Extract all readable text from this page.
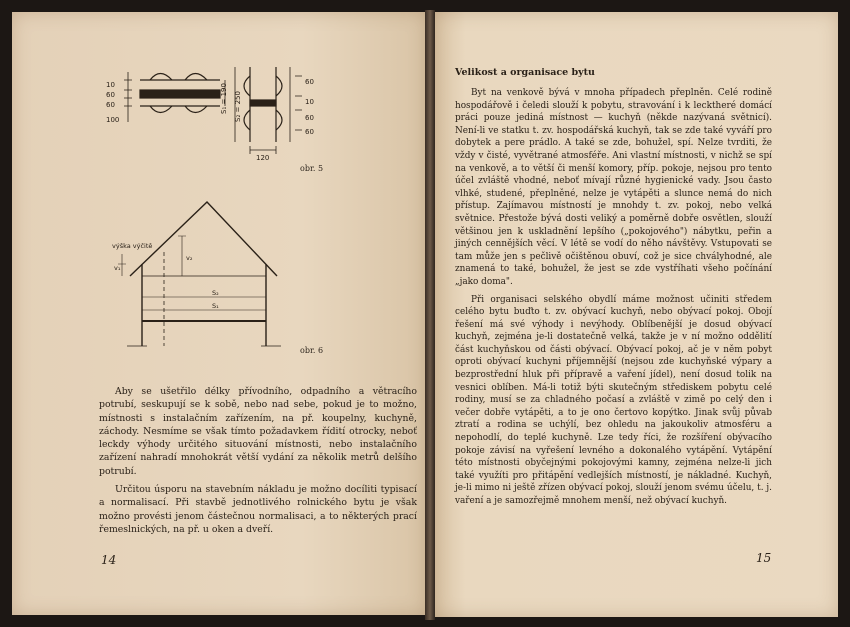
10
60
60
100
120
S₁ = 190 S₂ = 250
60
60
60
10
obr. 5
výška výčitě
v₂
v₁
S₂
S₁
obr. 6

Aby se ušetřilo délky přívodního, odpadního a větracího potrubí, seskupují se k sobě, nebo nad sebe, pokud je to možno, místnosti s instalačním zařízením, na př. koupelny, kuchyně, záchody. Nesmíme se však tímto požadavkem řídití otrocky, neboť leckdy výhody určitého situování místnosti, nebo instalačního zařízení nahradí mnohokrát větší vydání za několik metrů delšího potrubí.

Určitou úsporu na stavebním nákladu je možno docíliti typisací a normalisací. Při stavbě jednotlivého rolnického bytu je však možno provésti jenom částečnou normalisaci, a to některých prací řemeslnických, na př. u oken a dveří.

14
Velikost a organisace bytu

Byt na venkově bývá v mnoha případech přeplněn. Celé rodině hospodářově i čeledi slouží k pobytu, stravování i k lecktheré domácí práci pouze jediná místnost — kuchyň (někde nazývaná světnicí). Není-li ve statku t. zv. hospodářská kuchyň, tak se zde také vyváří pro dobytek a pere prádlo. A také se zde, bohužel, spí. Nelze tvrditi, že vždy v čisté, vyvětrané atmosféře. Ani vlastní místnosti, v nichž se spí na venkově, a to větší či menší komory, příp. pokoje, nejsou pro tento účel zvláště vhodné, neboť mívají různé hygienické vady. Jsou často vlhké, studené, přeplněné, nelze je vytápěti a slunce nemá do nich přístup. Zajímavou místností je mnohdy t. zv. pokoj, nebo velká světnice. Přestože bývá dosti veliký a poměrně dobře osvětlen, slouží většinou jen k uskladnění lepšího („pokojového") nábytku, peřin a jiných cennějších věcí. V létě se vodí do něho návštěvy. Vstupovati se tam může jen s pečlivě očištěnou obuví, což je sice chvályhodné, ale znamená to také, bohužel, že jest se zde vystříhati všeho počínání „jako doma".

Při organisaci selského obydlí máme možnost učiniti středem celého bytu buďto t. zv. obývací kuchyň, nebo obývací pokoj. Obojí řešení má své výhody i nevýhody. Oblíbenější je dosud obývací kuchyň, zejména je-li dostatečně velká, takže je v ní možno oddělití část kuchyňskou od části obývací. Obývací pokoj, ač je v něm pobyt oproti obývací kuchyni příjemnější (nejsou zde kuchyňské výpary a bezprostřední hluk při přípravě a vaření jídel), není dosud tolik na vesnici oblíben. Má-li totiž býti skutečným střediskem pobytu celé rodiny, musí se za chladného počasí a zvláště v zimě po celý den i večer dobře vytápěti, a to je ono čertovo kopýtko. Jinak svůj půvab ztratí a rodina se uchýlí, bez ohledu na jakoukoliv atmosféru a nepohodlí, do teplé kuchyně. Lze tedy říci, že rozšíření obývacího pokoje závisí na vyřešení levného a dokonalého vytápění. Vytápění této místnosti obyčejnými pokojovými kamny, zejména nelze-li jich také využíti pro přitápění vedlejších místností, je nákladné. Kuchyň, je-li mimo ni ještě zřízen obývací pokoj, slouží jenom svému účelu, t. j. vaření a je samozřejmě mnohem menší, než obývací kuchyň.

15
